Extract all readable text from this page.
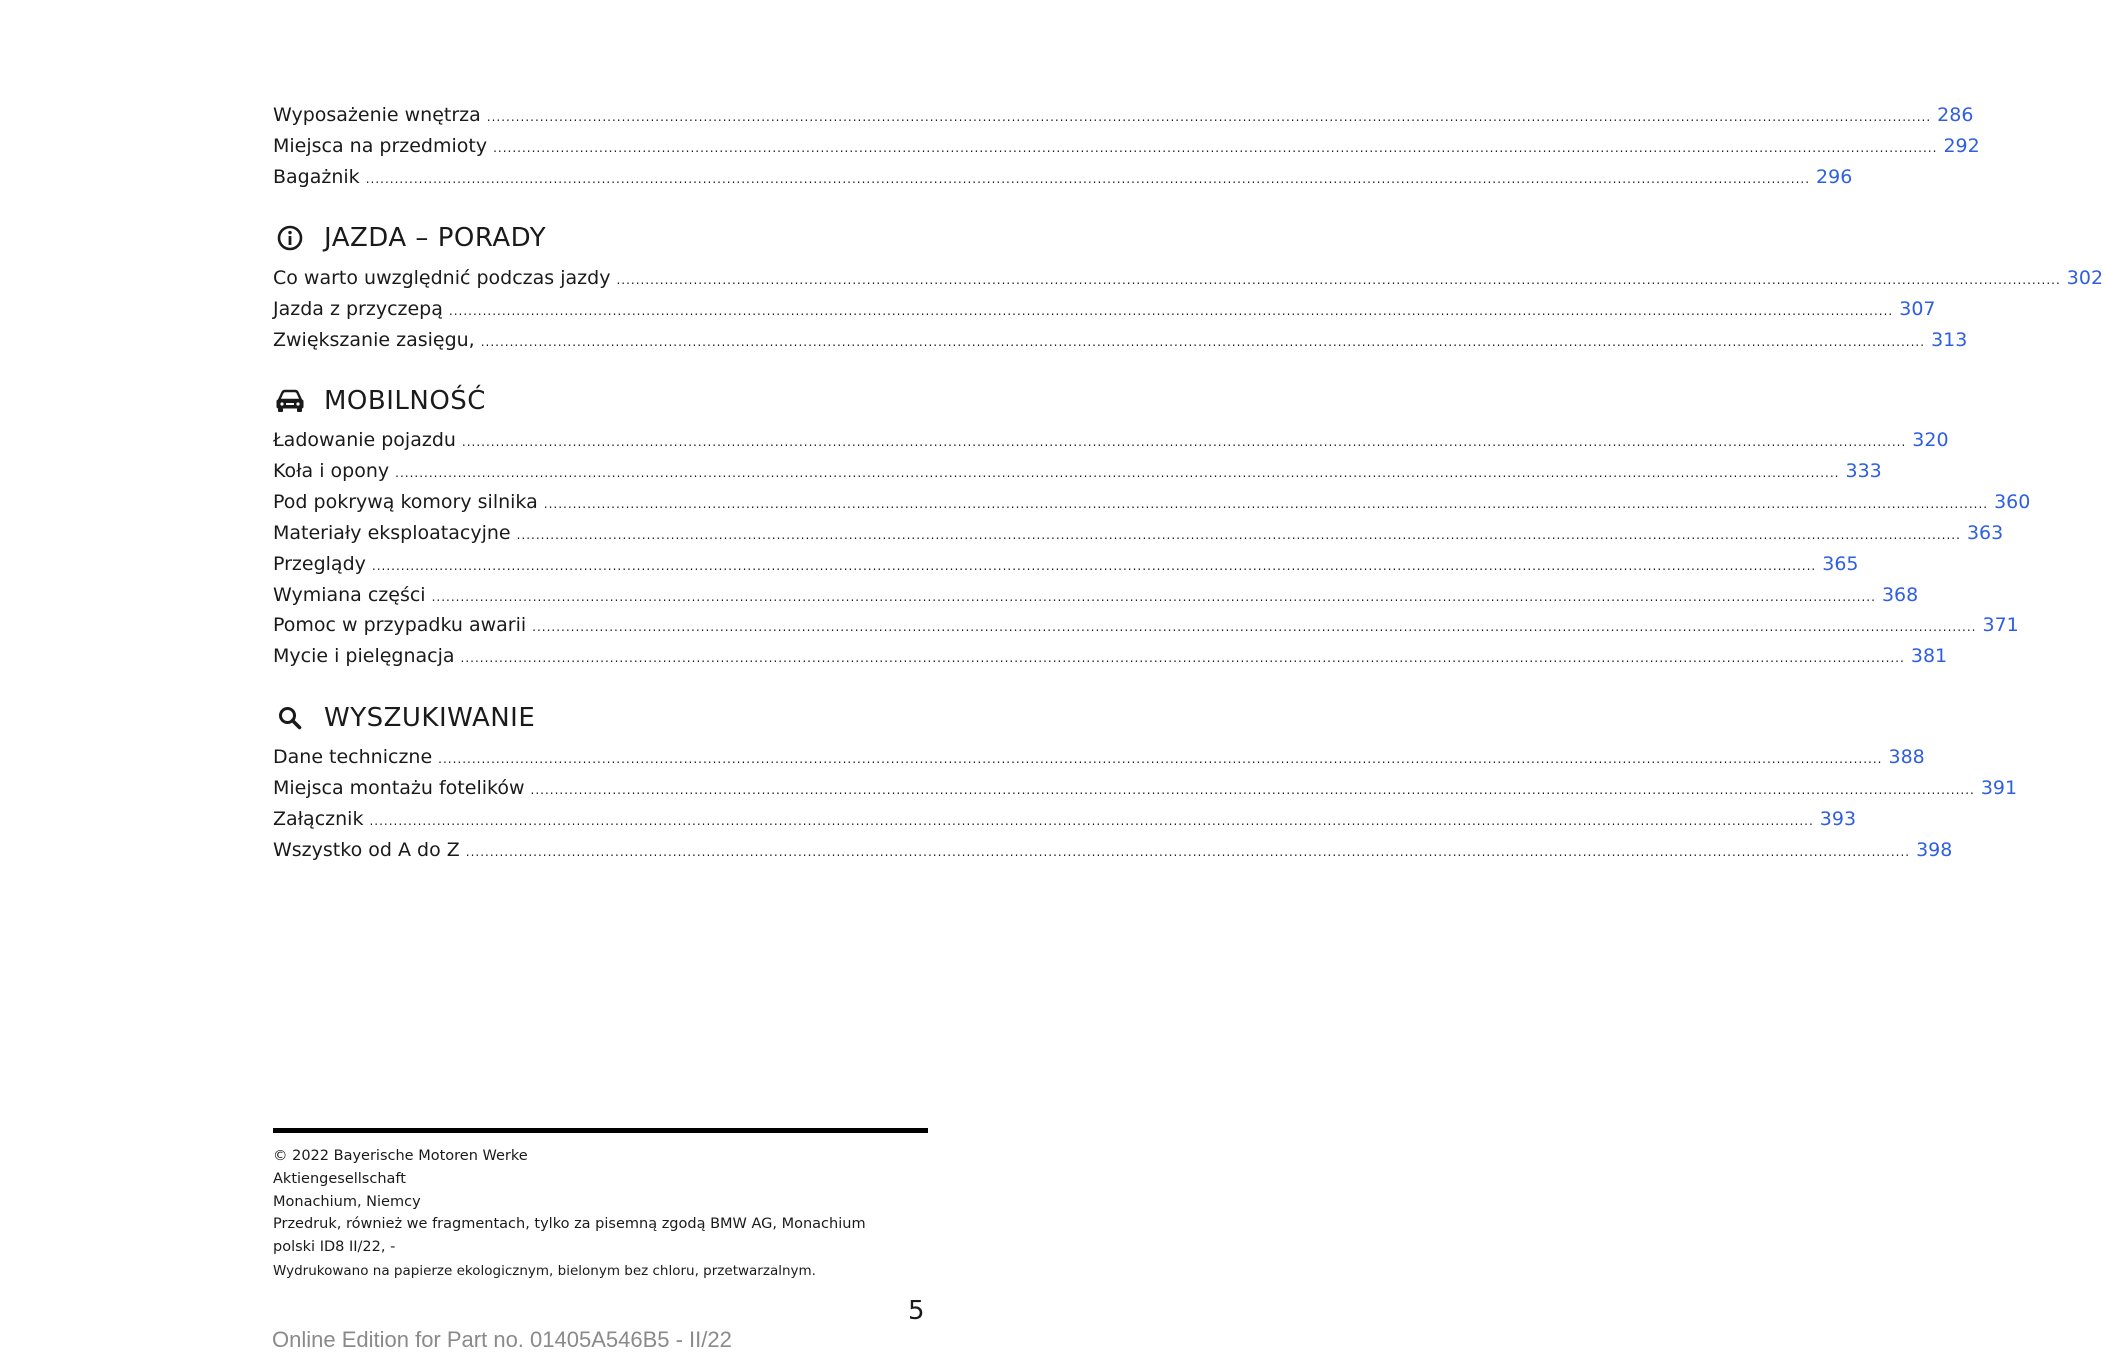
Wyposażenie wnętrza ............................................................................................................................................................................................................................................................................................................ 286
Miejsca na przedmioty ............................................................................................................................................................................................................................................................................................................ 292
Bagażnik ............................................................................................................................................................................................................................................................................................................ 296
JAZDA – PORADY
Co warto uwzględnić podczas jazdy ............................................................................................................................................................................................................................................................................................................ 302
Jazda z przyczepą ............................................................................................................................................................................................................................................................................................................ 307
Zwiększanie zasięgu, ............................................................................................................................................................................................................................................................................................................ 313
MOBILNOŚĆ
Ładowanie pojazdu ............................................................................................................................................................................................................................................................................................................ 320
Koła i opony ............................................................................................................................................................................................................................................................................................................ 333
Pod pokrywą komory silnika ............................................................................................................................................................................................................................................................................................................ 360
Materiały eksploatacyjne ............................................................................................................................................................................................................................................................................................................ 363
Przeglądy ............................................................................................................................................................................................................................................................................................................ 365
Wymiana części ............................................................................................................................................................................................................................................................................................................ 368
Pomoc w przypadku awarii ............................................................................................................................................................................................................................................................................................................ 371
Mycie i pielęgnacja ............................................................................................................................................................................................................................................................................................................ 381
WYSZUKIWANIE
Dane techniczne ............................................................................................................................................................................................................................................................................................................ 388
Miejsca montażu fotelików ............................................................................................................................................................................................................................................................................................................ 391
Załącznik ............................................................................................................................................................................................................................................................................................................ 393
Wszystko od A do Z ............................................................................................................................................................................................................................................................................................................ 398
© 2022 Bayerische Motoren Werke
Aktiengesellschaft
Monachium, Niemcy
Przedruk, również we fragmentach, tylko za pisemną zgodą BMW AG, Monachium
polski ID8 II/22, -
Wydrukowano na papierze ekologicznym, bielonym bez chloru, przetwarzalnym.
5
Online Edition for Part no. 01405A546B5 - II/22
